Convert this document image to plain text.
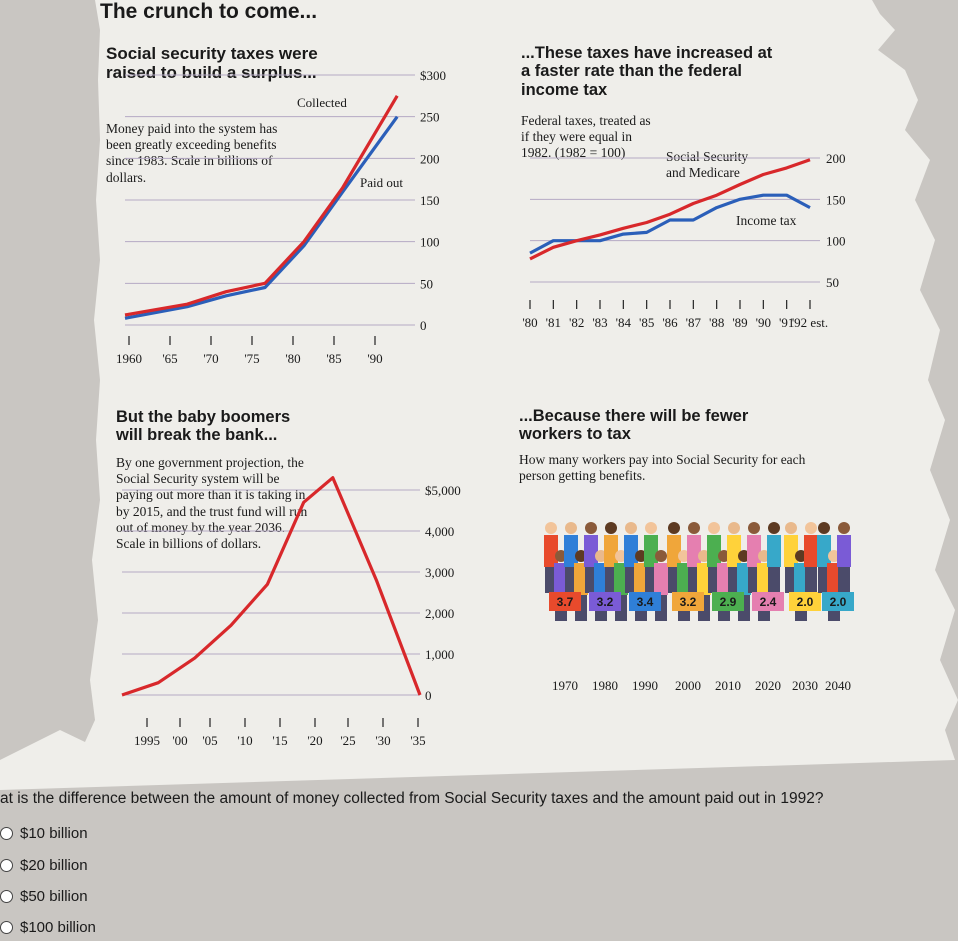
The crunch to come...
Social security taxes were raised to build a surplus...
Money paid into the system has been greatly exceeding benefits since 1983. Scale in billions of dollars.
$300
250
200
150
100
50
0
1960 '65 '70 '75 '80 '85 '90
Collected
Paid out
...These taxes have increased at a faster rate than the federal income tax
Federal taxes, treated as if they were equal in 1982. (1982 = 100)	Social Security and Medicare
Income tax
200
150
100
50
'80 '81 '82 '83 '84 '85 '86 '87 '88 '89 '90 '91
'92 est.
But the baby boomers will break the bank...
By one government projection, the Social Security system will be paying out more than it is taking in by 2015, and the trust fund will run out of money by the year 2036. Scale in billions of dollars.
$5,000
4,000
3,000
2,000
1,000
0
1995 '00 '05 '10 '15 '20 '25 '30 '35
...Because there will be fewer workers to tax
How many workers pay into Social Security for each person getting benefits.
3.7
1970
3.2
1980
3.4
1990
3.2
2000
2.9
2010
2.4
2020
2.0
2030
2.0
2040
at is the difference between the amount of money collected from Social Security taxes and the amount paid out in 1992?
$10 billion
$20 billion
$50 billion
$100 billion
